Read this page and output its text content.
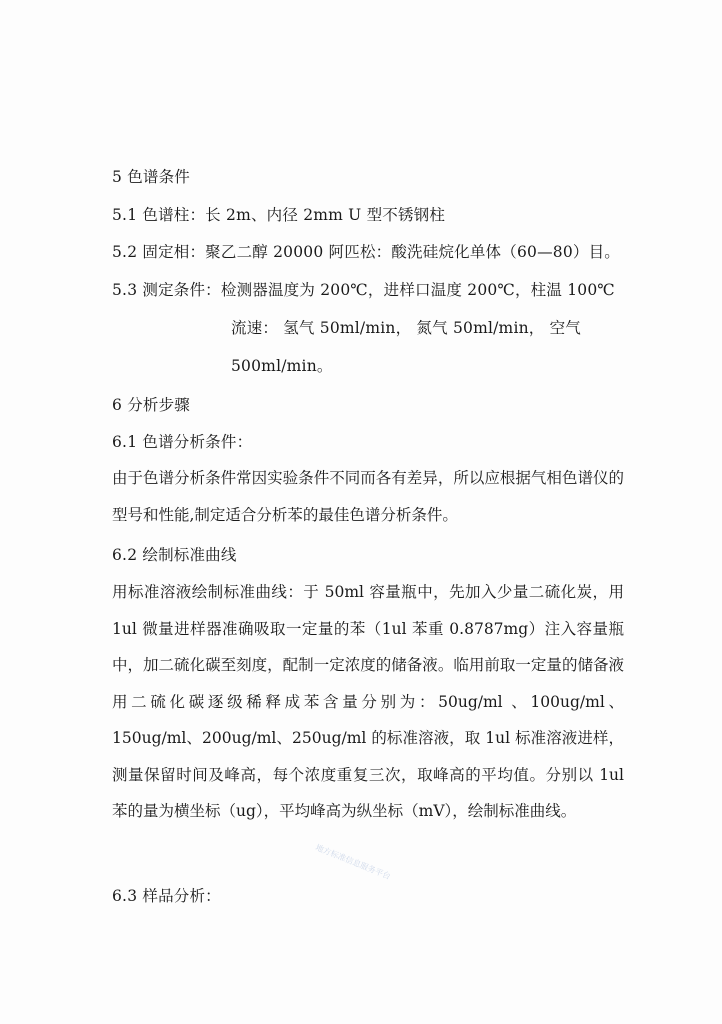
5 色谱条件
5.1 色谱柱：长 2m、内径 2mm U 型不锈钢柱
5.2 固定相：聚乙二醇 20000 阿匹松：酸洗硅烷化单体（60—80）目。
5.3 测定条件：检测器温度为 200℃，进样口温度 200℃，柱温 100℃
流速： 氢气 50ml/min， 氮气 50ml/min， 空气
500ml/min。
6 分析步骤
6.1 色谱分析条件：
由于色谱分析条件常因实验条件不同而各有差异，所以应根据气相色谱仪的型号和性能,制定适合分析苯的最佳色谱分析条件。
6.2 绘制标准曲线
用标准溶液绘制标准曲线：于 50ml 容量瓶中，先加入少量二硫化炭，用 1ul 微量进样器准确吸取一定量的苯（1ul 苯重 0.8787mg）注入容量瓶中，加二硫化碳至刻度，配制一定浓度的储备液。临用前取一定量的储备液用二硫化碳逐级稀释成苯含量分别为：50ug/ml 、100ug/ml、150ug/ml、200ug/ml、250ug/ml 的标准溶液，取 1ul 标准溶液进样，测量保留时间及峰高，每个浓度重复三次，取峰高的平均值。分别以 1ul 苯的量为横坐标（ug），平均峰高为纵坐标（mV），绘制标准曲线。
6.3 样品分析：
地方标准信息服务平台
